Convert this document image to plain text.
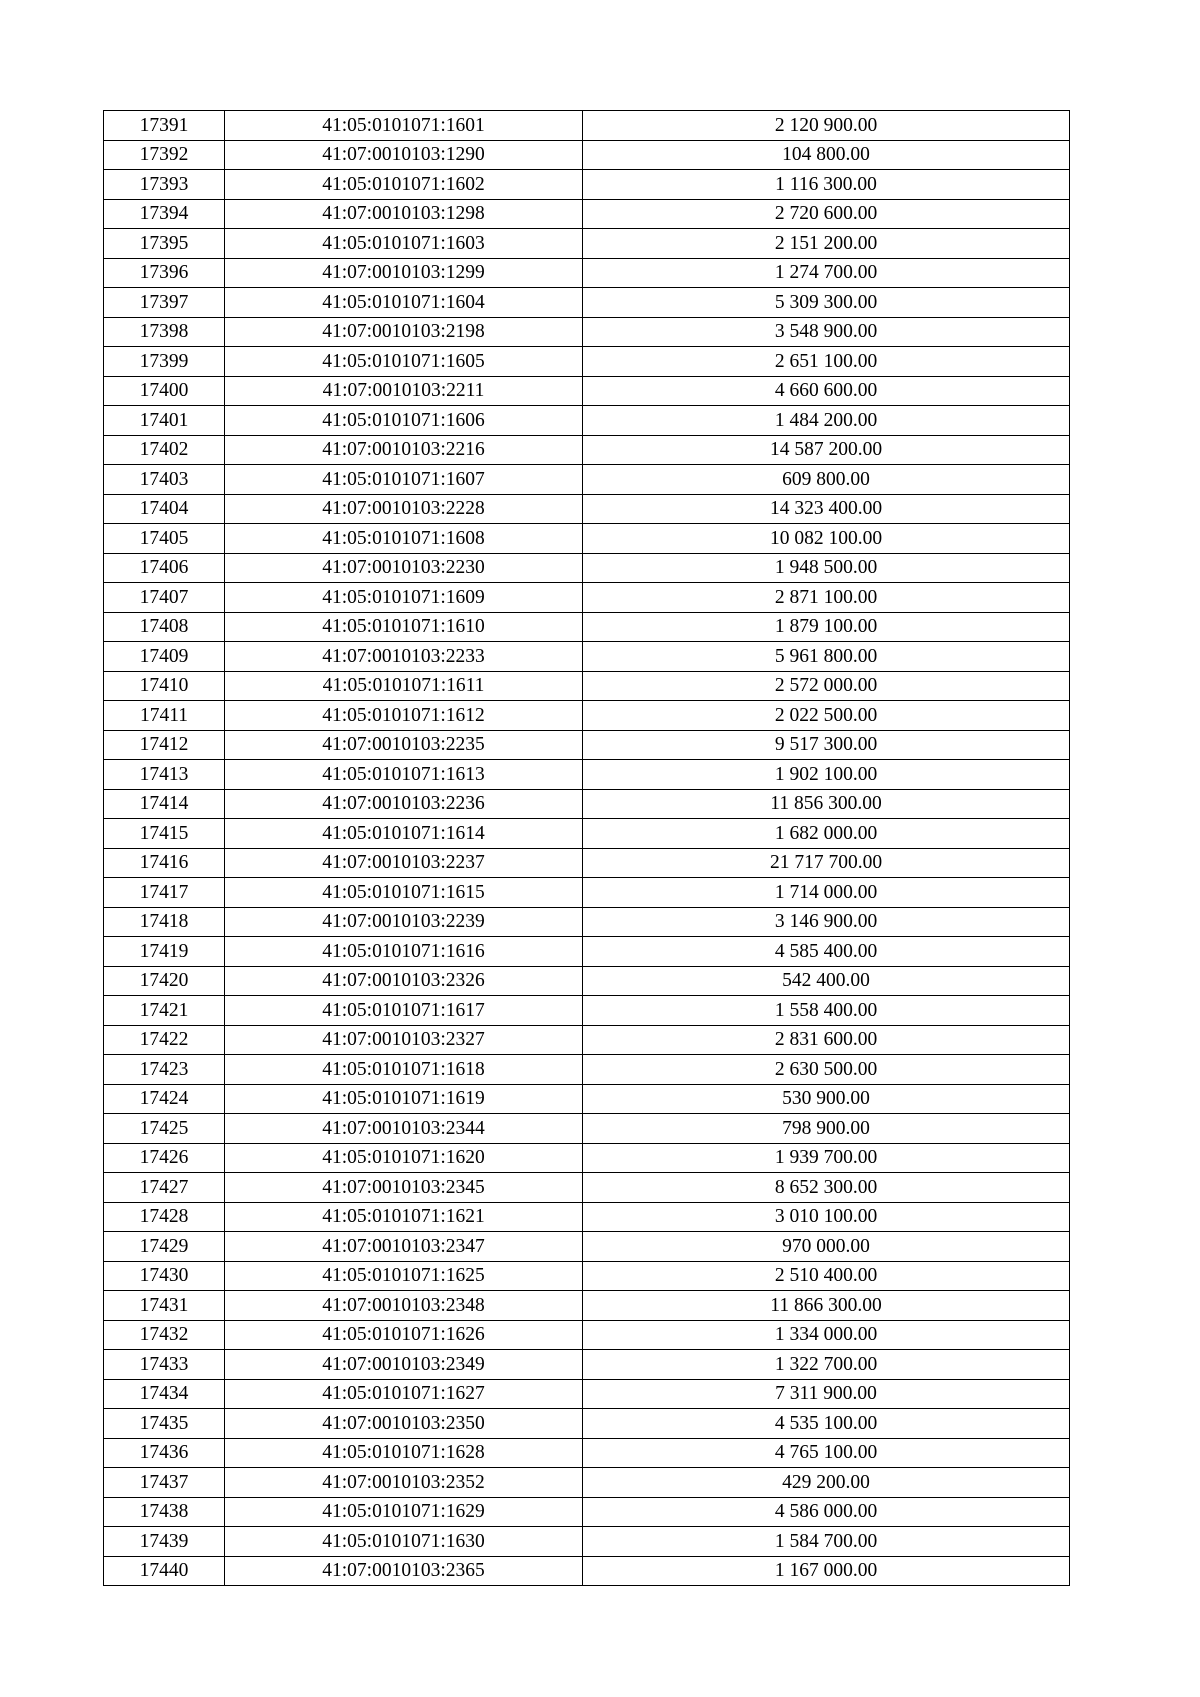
17391	41:05:0101071:1601	2 120 900.00
17392	41:07:0010103:1290	104 800.00
17393	41:05:0101071:1602	1 116 300.00
17394	41:07:0010103:1298	2 720 600.00
17395	41:05:0101071:1603	2 151 200.00
17396	41:07:0010103:1299	1 274 700.00
17397	41:05:0101071:1604	5 309 300.00
17398	41:07:0010103:2198	3 548 900.00
17399	41:05:0101071:1605	2 651 100.00
17400	41:07:0010103:2211	4 660 600.00
17401	41:05:0101071:1606	1 484 200.00
17402	41:07:0010103:2216	14 587 200.00
17403	41:05:0101071:1607	609 800.00
17404	41:07:0010103:2228	14 323 400.00
17405	41:05:0101071:1608	10 082 100.00
17406	41:07:0010103:2230	1 948 500.00
17407	41:05:0101071:1609	2 871 100.00
17408	41:05:0101071:1610	1 879 100.00
17409	41:07:0010103:2233	5 961 800.00
17410	41:05:0101071:1611	2 572 000.00
17411	41:05:0101071:1612	2 022 500.00
17412	41:07:0010103:2235	9 517 300.00
17413	41:05:0101071:1613	1 902 100.00
17414	41:07:0010103:2236	11 856 300.00
17415	41:05:0101071:1614	1 682 000.00
17416	41:07:0010103:2237	21 717 700.00
17417	41:05:0101071:1615	1 714 000.00
17418	41:07:0010103:2239	3 146 900.00
17419	41:05:0101071:1616	4 585 400.00
17420	41:07:0010103:2326	542 400.00
17421	41:05:0101071:1617	1 558 400.00
17422	41:07:0010103:2327	2 831 600.00
17423	41:05:0101071:1618	2 630 500.00
17424	41:05:0101071:1619	530 900.00
17425	41:07:0010103:2344	798 900.00
17426	41:05:0101071:1620	1 939 700.00
17427	41:07:0010103:2345	8 652 300.00
17428	41:05:0101071:1621	3 010 100.00
17429	41:07:0010103:2347	970 000.00
17430	41:05:0101071:1625	2 510 400.00
17431	41:07:0010103:2348	11 866 300.00
17432	41:05:0101071:1626	1 334 000.00
17433	41:07:0010103:2349	1 322 700.00
17434	41:05:0101071:1627	7 311 900.00
17435	41:07:0010103:2350	4 535 100.00
17436	41:05:0101071:1628	4 765 100.00
17437	41:07:0010103:2352	429 200.00
17438	41:05:0101071:1629	4 586 000.00
17439	41:05:0101071:1630	1 584 700.00
17440	41:07:0010103:2365	1 167 000.00
